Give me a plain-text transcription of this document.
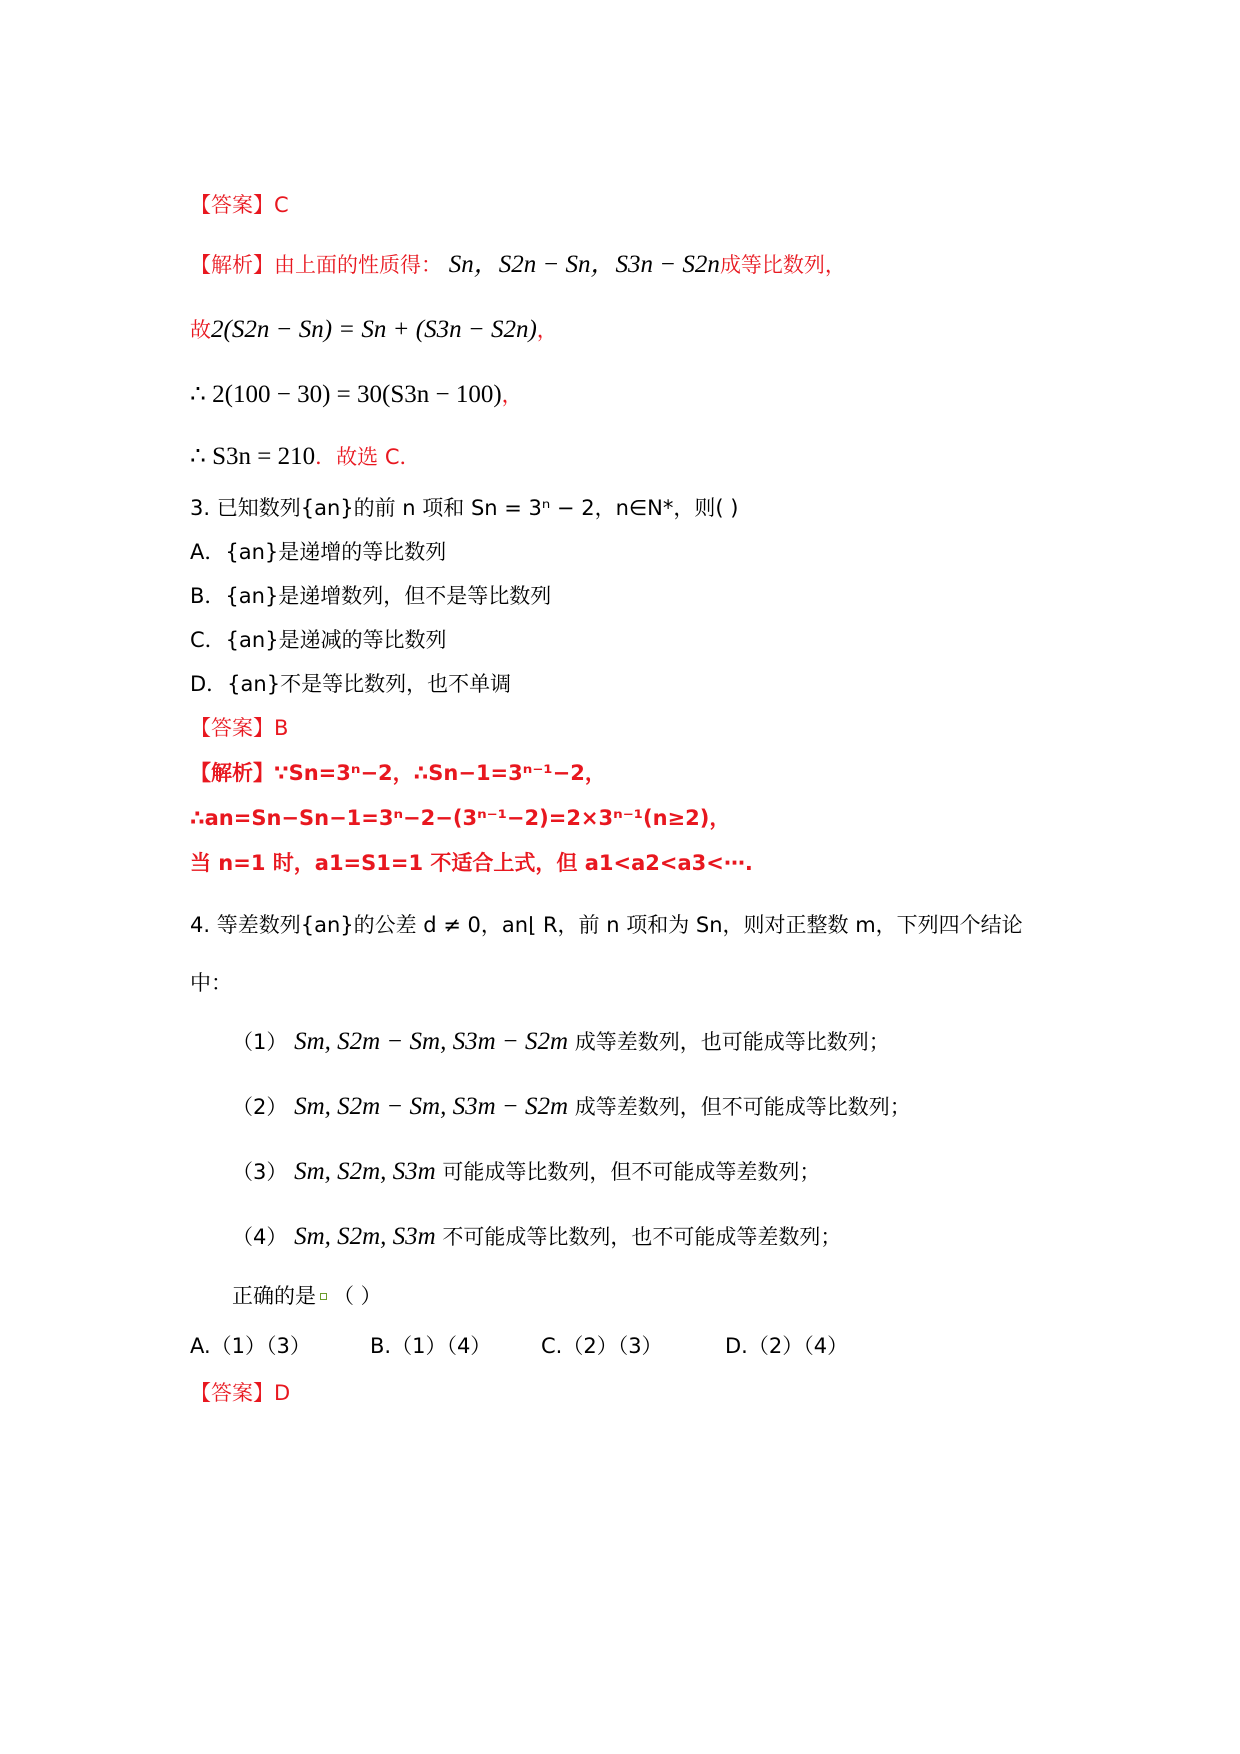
【答案】C
【解析】由上面的性质得： Sn，S2n − Sn，S3n − S2n成等比数列，
故2(S2n − Sn) = Sn + (S3n − S2n)，
∴ 2(100 − 30) = 30(S3n − 100)，
∴ S3n = 210．故选 C．
3. 已知数列{an}的前 n 项和 Sn = 3ⁿ − 2，n∈N*，则( )
A．{an}是递增的等比数列
B．{an}是递增数列，但不是等比数列
C．{an}是递减的等比数列
D．{an}不是等比数列，也不单调
【答案】B
【解析】∵Sn=3ⁿ−2，∴Sn−1=3ⁿ⁻¹−2，
∴an=Sn−Sn−1=3ⁿ−2−(3ⁿ⁻¹−2)=2×3ⁿ⁻¹(n≥2)，
当 n=1 时，a1=S1=1 不适合上式，但 a1<a2<a3<⋯.
4. 等差数列{an}的公差 d ≠ 0，an⌊ R，前 n 项和为 Sn，则对正整数 m，下列四个结论
中：
（1） Sm, S2m − Sm, S3m − S2m 成等差数列，也可能成等比数列；
（2） Sm, S2m − Sm, S3m − S2m 成等差数列，但不可能成等比数列；
（3） Sm, S2m, S3m 可能成等比数列，但不可能成等差数列；
（4） Sm, S2m, S3m 不可能成等比数列，也不可能成等差数列；
正确的是 （ ）
A.（1）（3）	B.（1）（4） C.（2）（3）	D.（2）（4）
【答案】D
